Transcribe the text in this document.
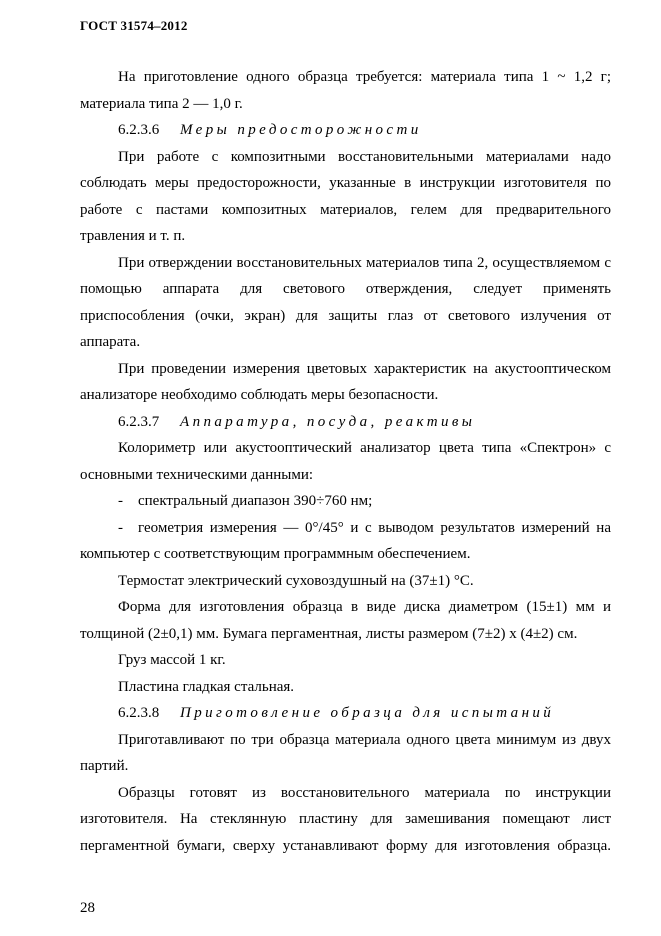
ГОСТ 31574–2012

На приготовление одного образца требуется: материала типа 1 ~ 1,2 г; материала типа 2 — 1,0 г.

6.2.3.6 Меры предосторожности

При работе с композитными восстановительными материалами надо соблюдать меры предосторожности, указанные в инструкции изготовителя по работе с пастами композитных материалов, гелем для предварительного травления и т. п.

При отверждении восстановительных материалов типа 2, осуществляемом с помощью аппарата для светового отверждения, следует применять приспособления (очки, экран) для защиты глаз от светового излучения от аппарата.

При проведении измерения цветовых характеристик на акустооптическом анализаторе необходимо соблюдать меры безопасности.

6.2.3.7 Аппаратура, посуда, реактивы

Колориметр или акустооптический анализатор цвета типа «Спектрон» с основными техническими данными:

- спектральный диапазон 390÷760 нм;

- геометрия измерения — 0°/45° и с выводом результатов измерений на компьютер с соответствующим программным обеспечением.

Термостат электрический суховоздушный на (37±1) °С.

Форма для изготовления образца в виде диска диаметром (15±1) мм и толщиной (2±0,1) мм. Бумага пергаментная, листы размером (7±2) х (4±2) см.

Груз массой 1 кг.

Пластина гладкая стальная.

6.2.3.8 Приготовление образца для испытаний

Приготавливают по три образца материала одного цвета минимум из двух партий.

Образцы готовят из восстановительного материала по инструкции изготовителя. На стеклянную пластину для замешивания помещают лист пергаментной бумаги, сверху устанавливают форму для изготовления образца.

28
